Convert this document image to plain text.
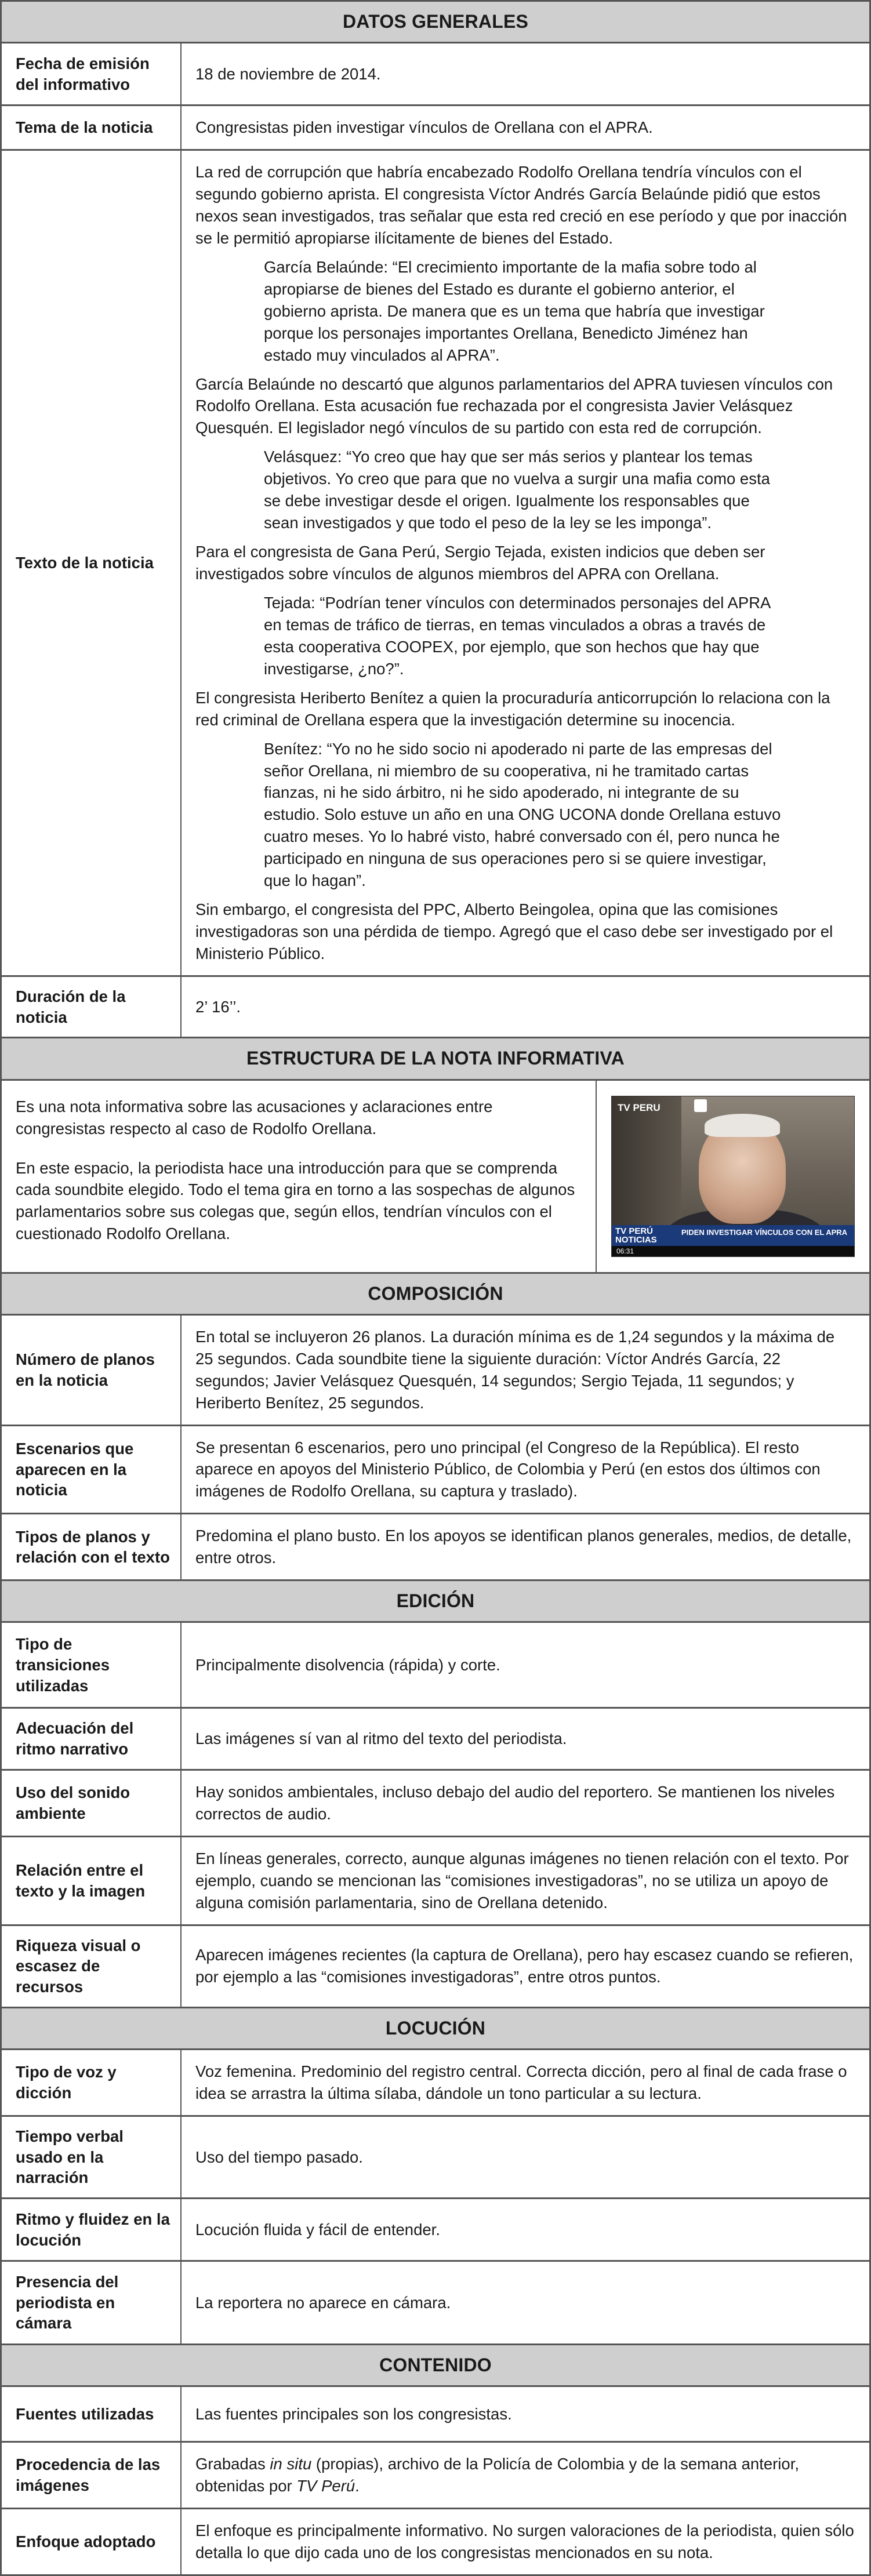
DATOS GENERALES
Fecha de emisión del informativo
18 de noviembre de 2014.
Tema de la noticia	Congresistas piden investigar vínculos de Orellana con el APRA.
Texto de la noticia

La red de corrupción que habría encabezado Rodolfo Orellana tendría vínculos con el segundo gobierno aprista. El congresista Víctor Andrés García Belaúnde pidió que estos nexos sean investigados, tras señalar que esta red creció en ese período y que por inacción se le permitió apropiarse ilícitamente de bienes del Estado.

García Belaúnde: “El crecimiento importante de la mafia sobre todo al apropiarse de bienes del Estado es durante el gobierno anterior, el gobierno aprista. De manera que es un tema que habría que investigar porque los personajes importantes Orellana, Benedicto Jiménez han estado muy vinculados al APRA”.

García Belaúnde no descartó que algunos parlamentarios del APRA tuviesen vínculos con Rodolfo Orellana. Esta acusación fue rechazada por el congresista Javier Velásquez Quesquén. El legislador negó vínculos de su partido con esta red de corrupción.

Velásquez: “Yo creo que hay que ser más serios y plantear los temas objetivos. Yo creo que para que no vuelva a surgir una mafia como esta se debe investigar desde el origen. Igualmente los responsables que sean investigados y que todo el peso de la ley se les imponga”.

Para el congresista de Gana Perú, Sergio Tejada, existen indicios que deben ser investigados sobre vínculos de algunos miembros del APRA con Orellana.

Tejada: “Podrían tener vínculos con determinados personajes del APRA en temas de tráfico de tierras, en temas vinculados a obras a través de esta cooperativa COOPEX, por ejemplo, que son hechos que hay que investigarse, ¿no?”.

El congresista Heriberto Benítez a quien la procuraduría anticorrupción lo relaciona con la red criminal de Orellana espera que la investigación determine su inocencia.

Benítez: “Yo no he sido socio ni apoderado ni parte de las empresas del señor Orellana, ni miembro de su cooperativa, ni he tramitado cartas fianzas, ni he sido árbitro, ni he sido apoderado, ni integrante de su estudio. Solo estuve un año en una ONG UCONA donde Orellana estuvo cuatro meses. Yo lo habré visto, habré conversado con él, pero nunca he participado en ninguna de sus operaciones pero si se quiere investigar, que lo hagan”.

Sin embargo, el congresista del PPC, Alberto Beingolea, opina que las comisiones investigadoras son una pérdida de tiempo. Agregó que el caso debe ser investigado por el Ministerio Público.

Duración de la noticia
2’ 16’’.
ESTRUCTURA DE LA NOTA INFORMATIVA

Es una nota informativa sobre las acusaciones y aclaraciones entre congresistas respecto al caso de Rodolfo Orellana.

En este espacio, la periodista hace una introducción para que se comprenda cada soundbite elegido. Todo el tema gira en torno a las sospechas de algunos parlamentarios sobre sus colegas que, según ellos, tendrían vínculos con el cuestionado Rodolfo Orellana.

TV PERU
TV PERÚ
NOTICIAS
PIDEN INVESTIGAR VÍNCULOS CON EL APRA
06:31
COMPOSICIÓN
Número de planos en la noticia
En total se incluyeron 26 planos. La duración mínima es de 1,24 segundos y la máxima de 25 segundos. Cada soundbite tiene la siguiente duración: Víctor Andrés García, 22 segundos; Javier Velásquez Quesquén, 14 segundos; Sergio Tejada, 11 segundos; y Heriberto Benítez, 25 segundos.
Escenarios que aparecen en la noticia
Se presentan 6 escenarios, pero uno principal (el Congreso de la República). El resto aparece en apoyos del Ministerio Público, de Colombia y Perú (en estos dos últimos con imágenes de Rodolfo Orellana, su captura y traslado).
Tipos de planos y relación con el texto
Predomina el plano busto. En los apoyos se identifican planos generales, medios, de detalle, entre otros.
EDICIÓN
Tipo de transiciones utilizadas
Principalmente disolvencia (rápida) y corte.
Adecuación del ritmo narrativo
Las imágenes sí van al ritmo del texto del periodista.
Uso del sonido ambiente
Hay sonidos ambientales, incluso debajo del audio del reportero. Se mantienen los niveles correctos de audio.
Relación entre el texto y la imagen
En líneas generales, correcto, aunque algunas imágenes no tienen relación con el texto. Por ejemplo, cuando se mencionan las “comisiones investigadoras”, no se utiliza un apoyo de alguna comisión parlamentaria, sino de Orellana detenido.
Riqueza visual o escasez de recursos
Aparecen imágenes recientes (la captura de Orellana), pero hay escasez cuando se refieren, por ejemplo a las “comisiones investigadoras”, entre otros puntos.
LOCUCIÓN
Tipo de voz y dicción
Voz femenina. Predominio del registro central. Correcta dicción, pero al final de cada frase o idea se arrastra la última sílaba, dándole un tono particular a su lectura.
Tiempo verbal usado en la narración
Uso del tiempo pasado.
Ritmo y fluidez en la locución
Locución fluida y fácil de entender.
Presencia del periodista en cámara
La reportera no aparece en cámara.
CONTENIDO
Fuentes utilizadas	Las fuentes principales son los congresistas.
Procedencia de las imágenes
Grabadas in situ (propias), archivo de la Policía de Colombia y de la semana anterior, obtenidas por TV Perú.
Enfoque adoptado
El enfoque es principalmente informativo. No surgen valoraciones de la periodista, quien sólo detalla lo que dijo cada uno de los congresistas mencionados en su nota.
